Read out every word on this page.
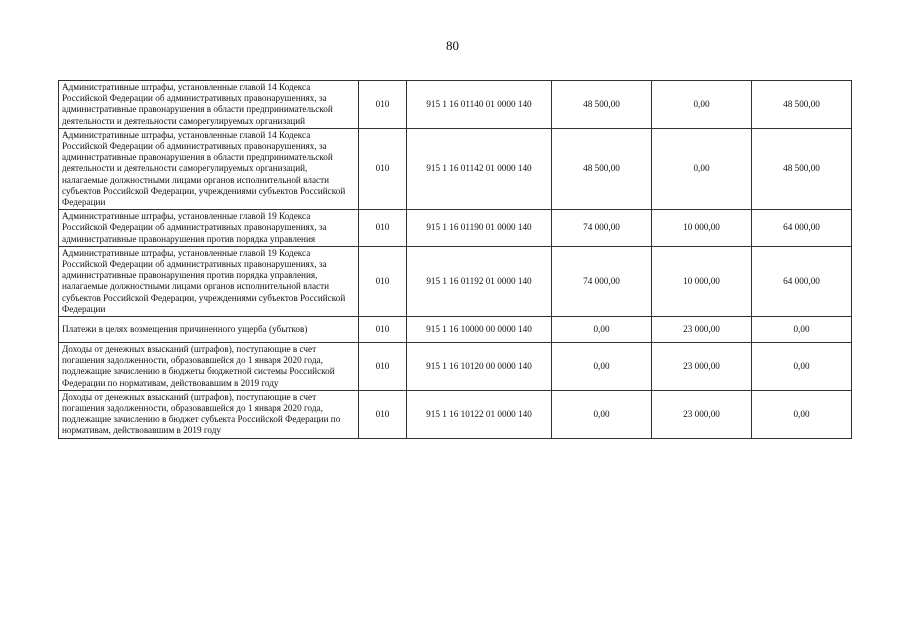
80
Административные штрафы, установленные главой 14 Кодекса Российской Федерации об административных правонарушениях, за административные правонарушения в области предпринимательской деятельности и деятельности саморегулируемых организаций	010	915 1 16 01140 01 0000 140	48 500,00	0,00	48 500,00
Административные штрафы, установленные главой 14 Кодекса Российской Федерации об административных правонарушениях, за административные правонарушения в области предпринимательской деятельности и деятельности саморегулируемых организаций, налагаемые должностными лицами органов исполнительной власти субъектов Российской Федерации, учреждениями субъектов Российской Федерации	010	915 1 16 01142 01 0000 140	48 500,00	0,00	48 500,00
Административные штрафы, установленные главой 19 Кодекса Российской Федерации об административных правонарушениях, за административные правонарушения против порядка управления	010	915 1 16 01190 01 0000 140	74 000,00	10 000,00	64 000,00
Административные штрафы, установленные главой 19 Кодекса Российской Федерации об административных правонарушениях, за административные правонарушения против порядка управления, налагаемые должностными лицами органов исполнительной власти субъектов Российской Федерации, учреждениями субъектов Российской Федерации	010	915 1 16 01192 01 0000 140	74 000,00	10 000,00	64 000,00
Платежи в целях возмещения причиненного ущерба (убытков)	010	915 1 16 10000 00 0000 140	0,00	23 000,00	0,00
Доходы от денежных взысканий (штрафов), поступающие в счет погашения задолженности, образовавшейся до 1 января 2020 года, подлежащие зачислению в бюджеты бюджетной системы Российской Федерации по нормативам, действовавшим в 2019 году	010	915 1 16 10120 00 0000 140	0,00	23 000,00	0,00
Доходы от денежных взысканий (штрафов), поступающие в счет погашения задолженности, образовавшейся до 1 января 2020 года, подлежащие зачислению в бюджет субъекта Российской Федерации по нормативам, действовавшим в 2019 году	010	915 1 16 10122 01 0000 140	0,00	23 000,00	0,00
